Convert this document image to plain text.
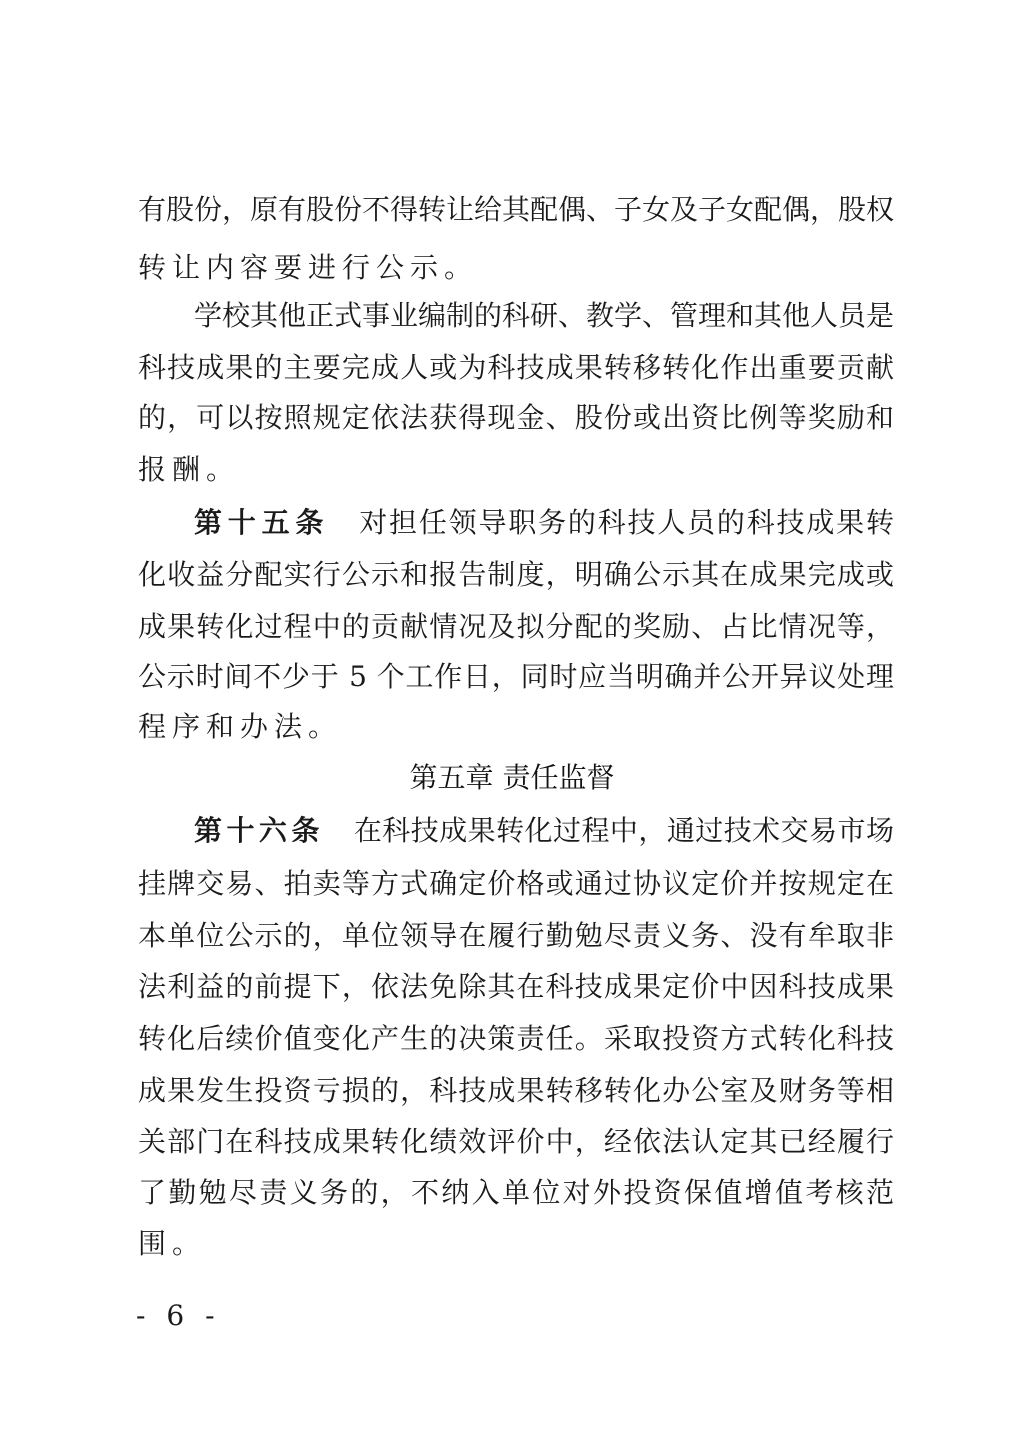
有股份，原有股份不得转让给其配偶、子女及子女配偶，股权
转让内容要进行公示。
学校其他正式事业编制的科研、教学、管理和其他人员是
科技成果的主要完成人或为科技成果转移转化作出重要贡献
的，可以按照规定依法获得现金、股份或出资比例等奖励和
报酬。
第十五条 对担任领导职务的科技人员的科技成果转
化收益分配实行公示和报告制度，明确公示其在成果完成或
成果转化过程中的贡献情况及拟分配的奖励、占比情况等，
公示时间不少于 5 个工作日，同时应当明确并公开异议处理
程序和办法。
第五章 责任监督
第十六条 在科技成果转化过程中，通过技术交易市场
挂牌交易、拍卖等方式确定价格或通过协议定价并按规定在
本单位公示的，单位领导在履行勤勉尽责义务、没有牟取非
法利益的前提下，依法免除其在科技成果定价中因科技成果
转化后续价值变化产生的决策责任。采取投资方式转化科技
成果发生投资亏损的，科技成果转移转化办公室及财务等相
关部门在科技成果转化绩效评价中，经依法认定其已经履行
了勤勉尽责义务的，不纳入单位对外投资保值增值考核范
围。
- 6 -
